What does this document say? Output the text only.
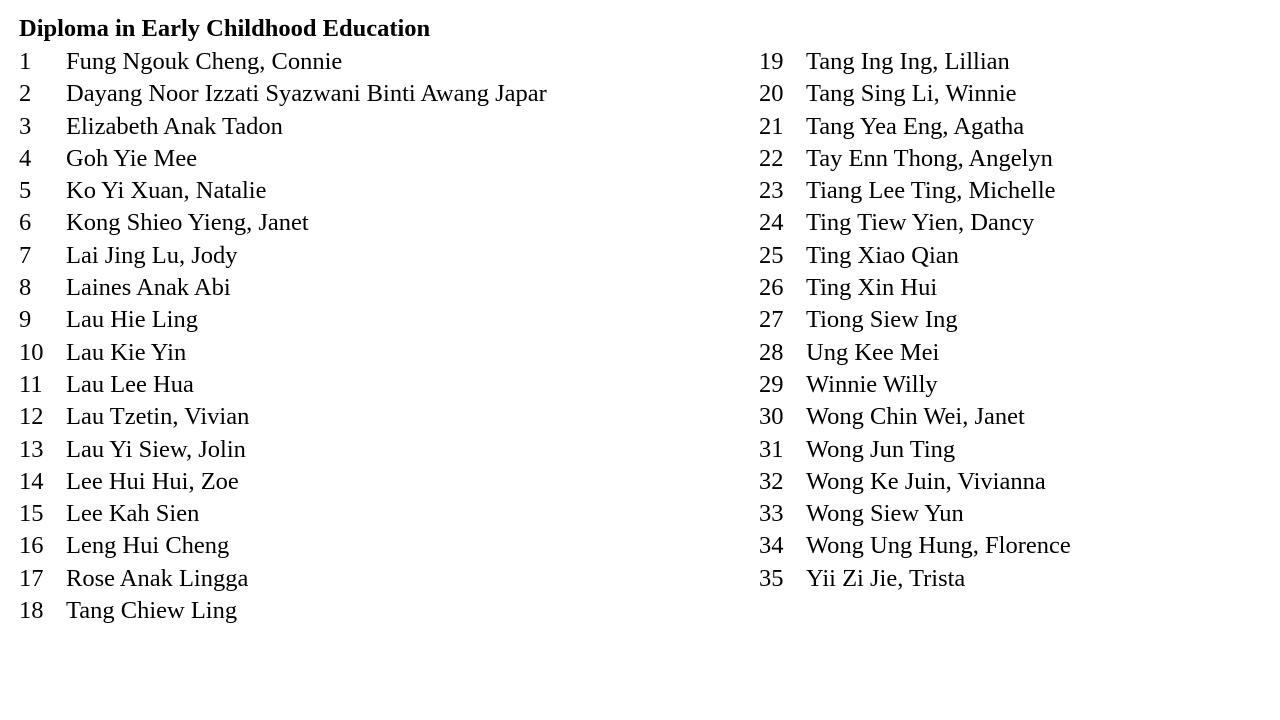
Diploma in Early Childhood Education
1 Fung Ngouk Cheng, Connie
2 Dayang Noor Izzati Syazwani Binti Awang Japar
3 Elizabeth Anak Tadon
4 Goh Yie Mee
5 Ko Yi Xuan, Natalie
6 Kong Shieo Yieng, Janet
7 Lai Jing Lu, Jody
8 Laines Anak Abi
9 Lau Hie Ling
10 Lau Kie Yin
11 Lau Lee Hua
12 Lau Tzetin, Vivian
13 Lau Yi Siew, Jolin
14 Lee Hui Hui, Zoe
15 Lee Kah Sien
16 Leng Hui Cheng
17 Rose Anak Lingga
18 Tang Chiew Ling
19 Tang Ing Ing, Lillian
20 Tang Sing Li, Winnie
21 Tang Yea Eng, Agatha
22 Tay Enn Thong, Angelyn
23 Tiang Lee Ting, Michelle
24 Ting Tiew Yien, Dancy
25 Ting Xiao Qian
26 Ting Xin Hui
27 Tiong Siew Ing
28 Ung Kee Mei
29 Winnie Willy
30 Wong Chin Wei, Janet
31 Wong Jun Ting
32 Wong Ke Juin, Vivianna
33 Wong Siew Yun
34 Wong Ung Hung, Florence
35 Yii Zi Jie, Trista
